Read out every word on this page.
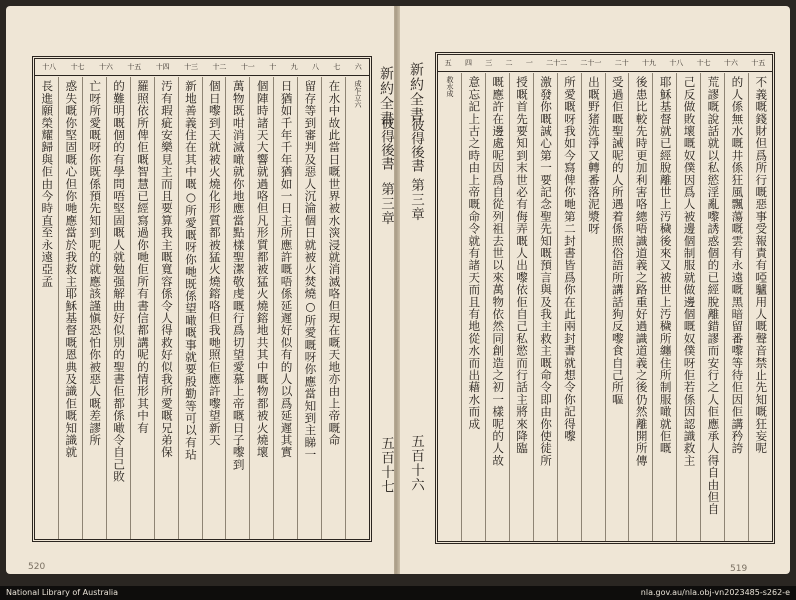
新約全書
彼得後書
第三章
五百十六
十五
十六
十七
十八
十九
二十
二十一
二十二
一
二
三
四
五
不義嘅錢財但爲所行嘅惡事受報責有啞驢用人嘅聲音禁止先知嘅狂妄呢
的人係無水嘅井係狂風飄蕩嘅雲有永遠嘅黑暗留番嚟等待佢因佢講矜誇
荒謬嘅說話就以私慾淫亂嚟誘惑個的已經脫離錯謬而安行之人佢應承人得自由但自
己反做敗壞嘅奴僕因爲人被邊個制服就做邊個嘅奴僕呀佢若係因認識救主
耶穌基督就已經脫離世上汚穢後來又被世上汚穢所纏住所制服噉就佢嘅
後患比較先時更加利害咯總唔識道義之路重好過識道義之後仍然離開所傳
受過佢嘅聖誡呢的人所遇着係照俗語所講話狗反嚟食自己所嘔
出嘅野猪洗淨又轉番落泥漿呀
所愛嘅呀我如今寫俾你哋第二封書皆爲你在此兩封書就想令你記得嚟
激發你嘅誠心第一要記念聖先知嘅預言與及我主救主嘅命令即由你使徒所
授嘅首先要知到末世必有侮弄嘅人出嚟依佢自己私慾而行話主將來降臨
嘅應許在邊處呢因爲自從列祖去世以來萬物依然同創造之初一樣呢的人故
意忘記上古之時由上帝嘅命令就有諸天而且有地從水而出藉水而成
救水成
519
六
七
八
九
十
十一
十二
十三
十四
十五
十六
十七
十八
成乍立六
在水中故此當日嘅世界被水㴱浸就消滅咯但現在嘅天地亦由上帝嘅命
留存等到審判及惡人沉淪個日就被火焚燒○所愛嘅呀你應當知到主睇一
日猶如千年千年猶如一日主所應許嘅唔係延遲好似有的人以爲延遲其實
個陣時諸天大響就過咯但凡形質都被猛火燒鎔地共其中嘅物都被火燒壞
萬物既咁消滅噉就你地應當點樣聖潔敬虔嘅行爲切望愛慕上帝嘅日子嚟到
個日嚟到天就被火燒化形質都被猛火燒鎔咯但我哋照佢應許嚟望新天
新地善義住在其中嘅○所愛嘅呀你哋既係望噉嘅事就要殷勤等可以有玷
汚有瑕疵安樂見主而且要算我主嘅寬容係令人得救好似我所愛嘅兄弟保
羅照依所俾佢嘅智慧已經寫過你哋佢所有書信都講呢的情形其中有
的難明嘅個的有學問唔堅固嘅人就勉强解曲好似別的聖書佢都係噉令自己敗
亡呀所愛嘅呀你既係預先知到呢的就應該謹愼恐怕你被惡人嘅差謬所
惑失嘅你堅固嘅心但你哋應當於我救主耶穌基督嘅恩典及識佢嘅知識就
長進願榮耀歸與佢由今時直至永遠亞孟	新約全書
彼得後書
第三章
五百十七
520
National Library of Australia	nla.gov.au/nla.obj-vn2023485-s262-e
